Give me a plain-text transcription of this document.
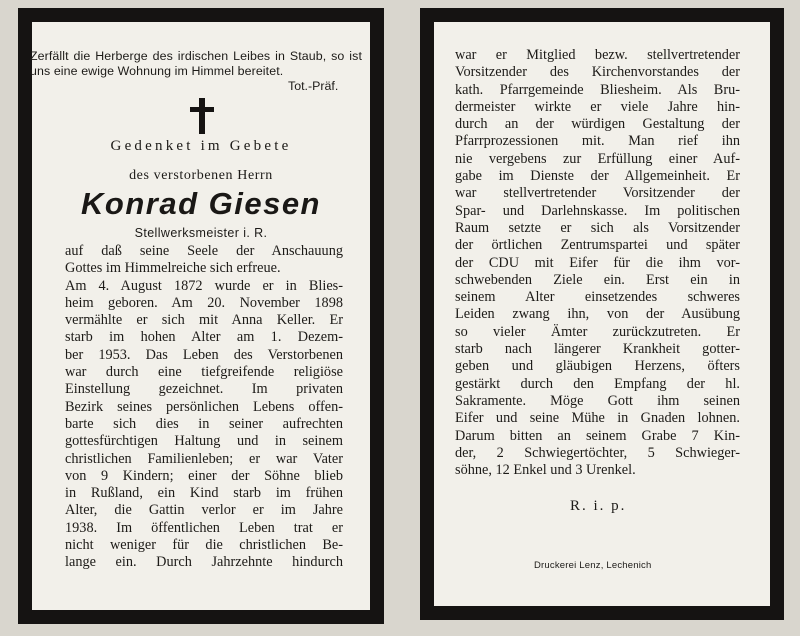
Zerfällt die Herberge des irdischen Leibes in Staub, so ist uns eine ewige Wohnung im Himmel bereitet.
Tot.-Präf.
Gedenket im Gebete
des verstorbenen Herrn
Konrad Giesen
Stellwerksmeister i. R.
auf daß seine Seele der Anschauung
Gottes im Himmelreiche sich erfreue.
Am 4. August 1872 wurde er in Blies-
heim geboren. Am 20. November 1898
vermählte er sich mit Anna Keller. Er
starb im hohen Alter am 1. Dezem-
ber 1953. Das Leben des Verstorbenen
war durch eine tiefgreifende religiöse
Einstellung gezeichnet. Im privaten
Bezirk seines persönlichen Lebens offen-
barte sich dies in seiner aufrechten
gottesfürchtigen Haltung und in seinem
christlichen Familienleben; er war Vater
von 9 Kindern; einer der Söhne blieb
in Rußland, ein Kind starb im frühen
Alter, die Gattin verlor er im Jahre
1938. Im öffentlichen Leben trat er
nicht weniger für die christlichen Be-
lange ein. Durch Jahrzehnte hindurch
war er Mitglied bezw. stellvertretender
Vorsitzender des Kirchenvorstandes der
kath. Pfarrgemeinde Bliesheim. Als Bru-
dermeister wirkte er viele Jahre hin-
durch an der würdigen Gestaltung der
Pfarrprozessionen mit. Man rief ihn
nie vergebens zur Erfüllung einer Auf-
gabe im Dienste der Allgemeinheit. Er
war stellvertretender Vorsitzender der
Spar- und Darlehnskasse. Im politischen
Raum setzte er sich als Vorsitzender
der örtlichen Zentrumspartei und später
der CDU mit Eifer für die ihm vor-
schwebenden Ziele ein. Erst ein in
seinem Alter einsetzendes schweres
Leiden zwang ihn, von der Ausübung
so vieler Ämter zurückzutreten. Er
starb nach längerer Krankheit gotter-
geben und gläubigen Herzens, öfters
gestärkt durch den Empfang der hl.
Sakramente. Möge Gott ihm seinen
Eifer und seine Mühe in Gnaden lohnen.
Darum bitten an seinem Grabe 7 Kin-
der, 2 Schwiegertöchter, 5 Schwieger-
söhne, 12 Enkel und 3 Urenkel.
R. i. p.
Druckerei Lenz, Lechenich
